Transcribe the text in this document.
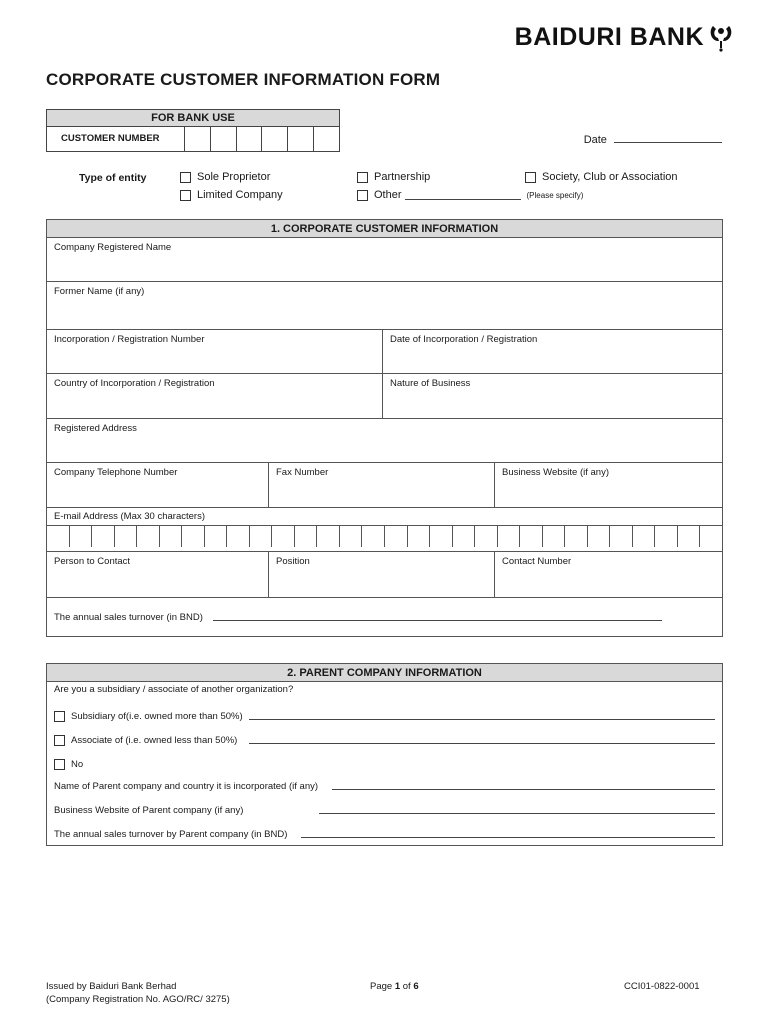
BAIDURI BANK
CORPORATE CUSTOMER INFORMATION FORM
FOR BANK USE
CUSTOMER NUMBER	Date
Type of entity	Sole Proprietor
Limited Company
Partnership
Other	(Please specify)
Society, Club or Association
1. CORPORATE CUSTOMER INFORMATION
Company Registered Name
Former Name (if any)
Incorporation / Registration Number	Date of Incorporation / Registration
Country of Incorporation / Registration	Nature of Business
Registered Address
Company Telephone Number	Fax Number	Business Website (if any)
E-mail Address (Max 30 characters)
Person to Contact	Position	Contact Number
The annual sales turnover (in BND)
2. PARENT COMPANY INFORMATION
Are you a subsidiary / associate of another organization?
Subsidiary of(i.e. owned more than 50%)
Associate of (i.e. owned less than 50%)
No
Name of Parent company and country it is incorporated (if any)
Business Website of Parent company (if any)
The annual sales turnover by Parent company (in BND)
Issued by Baiduri Bank Berhad
(Company Registration No. AGO/RC/ 3275)
Page 1 of 6	CCI01-0822-0001
